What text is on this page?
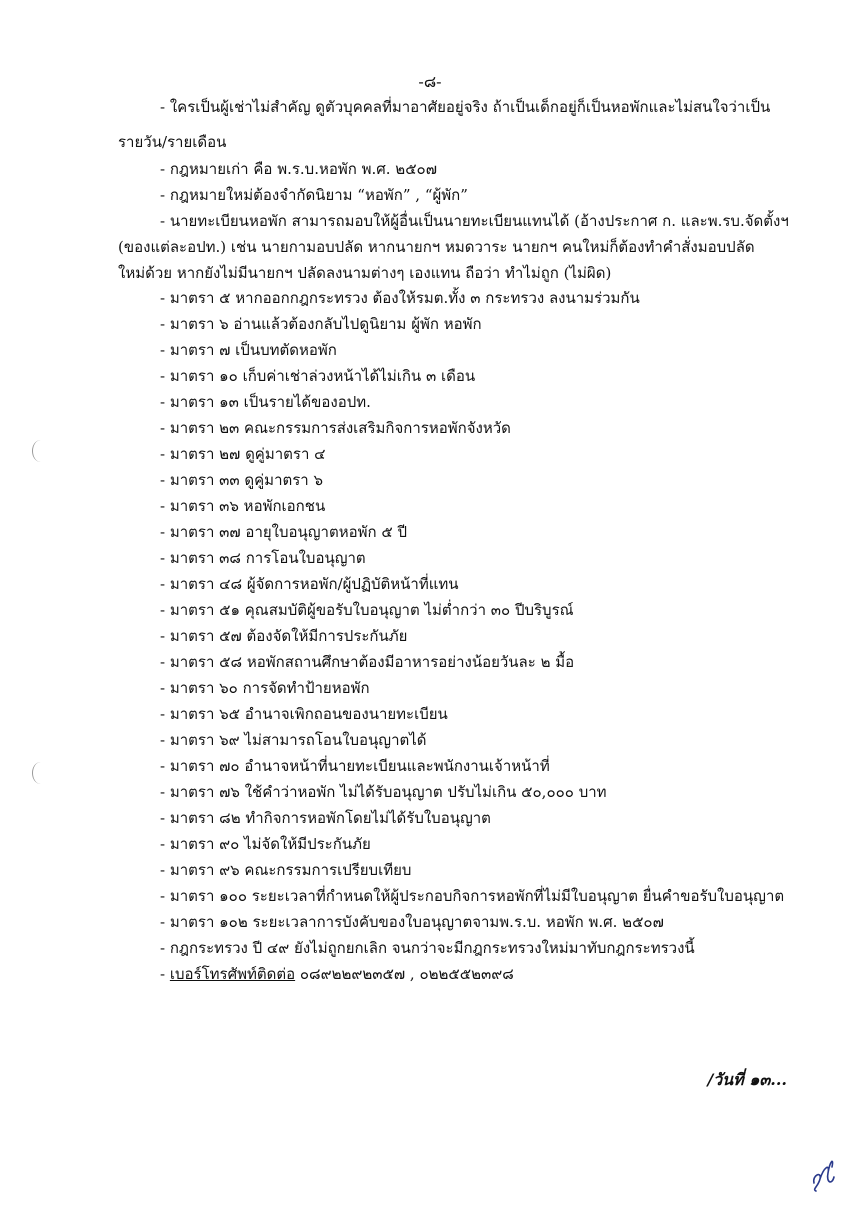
-๘-
- ใครเป็นผู้เช่าไม่สำคัญ ดูตัวบุคคลที่มาอาศัยอยู่จริง ถ้าเป็นเด็กอยู่ก็เป็นหอพักและไม่สนใจว่าเป็น
รายวัน/รายเดือน
- กฎหมายเก่า คือ พ.ร.บ.หอพัก พ.ศ. ๒๕๐๗
- กฎหมายใหม่ต้องจำกัดนิยาม “หอพัก” , “ผู้พัก”
- นายทะเบียนหอพัก สามารถมอบให้ผู้อื่นเป็นนายทะเบียนแทนได้ (อ้างประกาศ ก. และพ.รบ.จัดตั้งฯ
(ของแต่ละอปท.) เช่น นายกามอบปลัด หากนายกฯ หมดวาระ นายกฯ คนใหม่ก็ต้องทำคำสั่งมอบปลัด
ใหม่ด้วย หากยังไม่มีนายกฯ ปลัดลงนามต่างๆ เองแทน ถือว่า ทำไม่ถูก (ไม่ผิด)
- มาตรา ๕ หากออกกฎกระทรวง ต้องให้รมต.ทั้ง ๓ กระทรวง ลงนามร่วมกัน
- มาตรา ๖ อ่านแล้วต้องกลับไปดูนิยาม ผู้พัก หอพัก
- มาตรา ๗ เป็นบทตัดหอพัก
- มาตรา ๑๐ เก็บค่าเช่าล่วงหน้าได้ไม่เกิน ๓ เดือน
- มาตรา ๑๓ เป็นรายได้ของอปท.
- มาตรา ๒๓ คณะกรรมการส่งเสริมกิจการหอพักจังหวัด
- มาตรา ๒๗ ดูคู่มาตรา ๔
- มาตรา ๓๓ ดูคู่มาตรา ๖
- มาตรา ๓๖ หอพักเอกชน
- มาตรา ๓๗ อายุใบอนุญาตหอพัก ๕ ปี
- มาตรา ๓๘ การโอนใบอนุญาต
- มาตรา ๔๘ ผู้จัดการหอพัก/ผู้ปฏิบัติหน้าที่แทน
- มาตรา ๕๑ คุณสมบัติผู้ขอรับใบอนุญาต ไม่ต่ำกว่า ๓๐ ปีบริบูรณ์
- มาตรา ๕๗ ต้องจัดให้มีการประกันภัย
- มาตรา ๕๘ หอพักสถานศึกษาต้องมีอาหารอย่างน้อยวันละ ๒ มื้อ
- มาตรา ๖๐ การจัดทำป้ายหอพัก
- มาตรา ๖๕ อำนาจเพิกถอนของนายทะเบียน
- มาตรา ๖๙ ไม่สามารถโอนใบอนุญาตได้
- มาตรา ๗๐ อำนาจหน้าที่นายทะเบียนและพนักงานเจ้าหน้าที่
- มาตรา ๗๖ ใช้คำว่าหอพัก ไม่ได้รับอนุญาต ปรับไม่เกิน ๕๐,๐๐๐ บาท
- มาตรา ๘๒ ทำกิจการหอพักโดยไม่ได้รับใบอนุญาต
- มาตรา ๙๐ ไม่จัดให้มีประกันภัย
- มาตรา ๙๖ คณะกรรมการเปรียบเทียบ
- มาตรา ๑๐๐ ระยะเวลาที่กำหนดให้ผู้ประกอบกิจการหอพักที่ไม่มีใบอนุญาต ยื่นคำขอรับใบอนุญาต
- มาตรา ๑๐๒ ระยะเวลาการบังคับของใบอนุญาตจามพ.ร.บ. หอพัก พ.ศ. ๒๕๐๗
- กฎกระทรวง ปี ๔๙ ยังไม่ถูกยกเลิก จนกว่าจะมีกฎกระทรวงใหม่มาทับกฎกระทรวงนี้
- เบอร์โทรศัพท์ติดต่อ ๐๘๙๒๒๙๒๓๕๗ , ๐๒๒๕๕๒๓๙๘
/วันที่ ๑๓...
